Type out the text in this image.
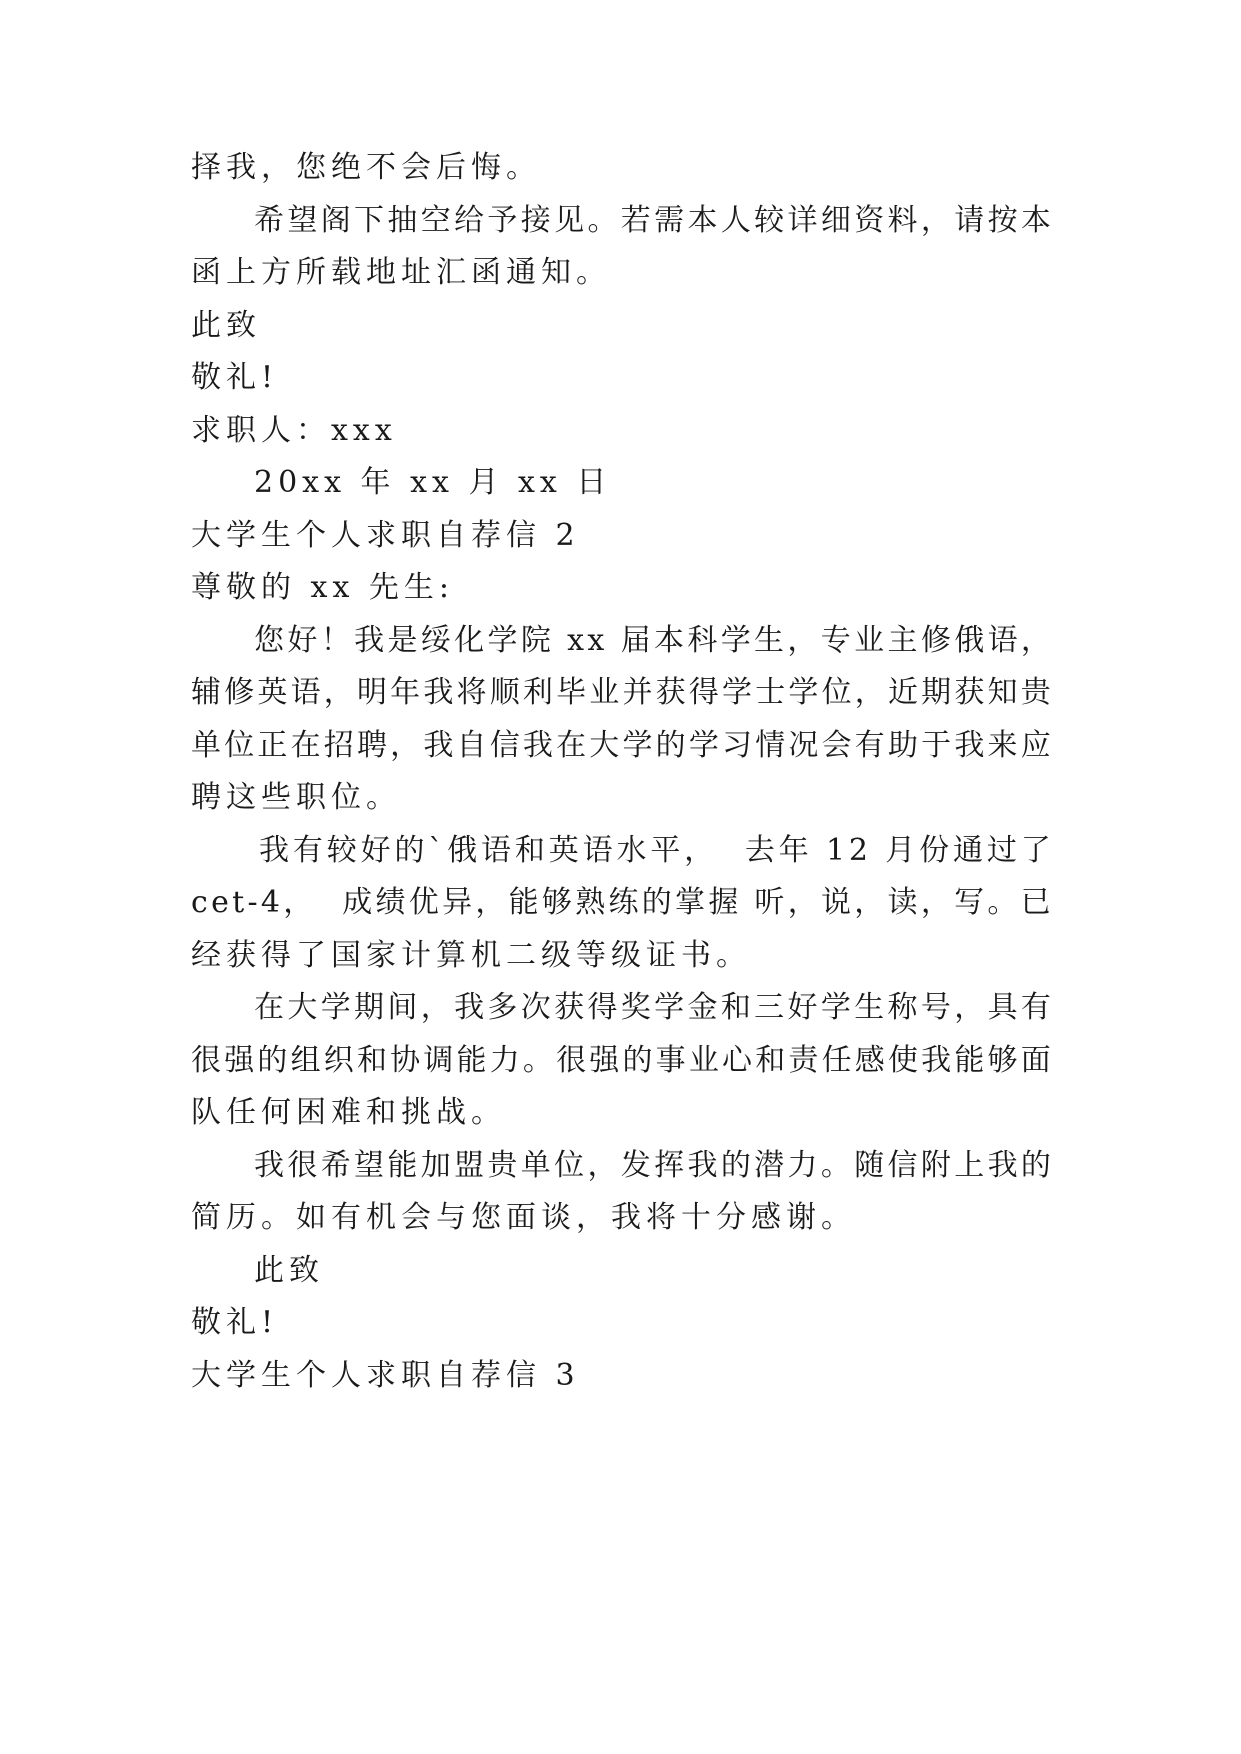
择我，您绝不会后悔。
希 望 阁 下 抽 空 给 予 接 见 。 若 需 本 人 较 详 细 资 料 ， 请 按 本
函上方所载地址汇函通知。
此致
敬礼!
求职人：xxx
20xx 年 xx 月 xx 日
大学生个人求职自荐信 2
尊敬的 xx 先生:
您 好 ！ 我 是 绥 化 学 院
x x
届 本 科 学 生 ， 专 业 主 修 俄 语 ，
辅 修 英 语 ， 明 年 我 将 顺 利 毕 业 并 获 得 学 士 学 位 ， 近 期 获 知 贵
单 位 正 在 招 聘 ， 我 自 信 我 在 大 学 的 学 习 情 况 会 有 助 于 我 来 应
聘这些职位。
我 有 较 好 的 ` 俄 语 和 英 语 水 平 ，

去 年
1 2
月 份 通 过 了
c e t - 4 ，

成 绩 优 异 ， 能 够 熟 练 的 掌 握
听 ， 说 ， 读 ， 写 。 已
经获得了国家计算机二级等级证书。
在 大 学 期 间 ， 我 多 次 获 得 奖 学 金 和 三 好 学 生 称 号 ， 具 有
很 强 的 组 织 和 协 调 能 力 。 很 强 的 事 业 心 和 责 任 感 使 我 能 够 面
队任何困难和挑战。
我 很 希 望 能 加 盟 贵 单 位 ， 发 挥 我 的 潜 力 。 随 信 附 上 我 的
简历。如有机会与您面谈，我将十分感谢。
此致
敬礼!
大学生个人求职自荐信 3
